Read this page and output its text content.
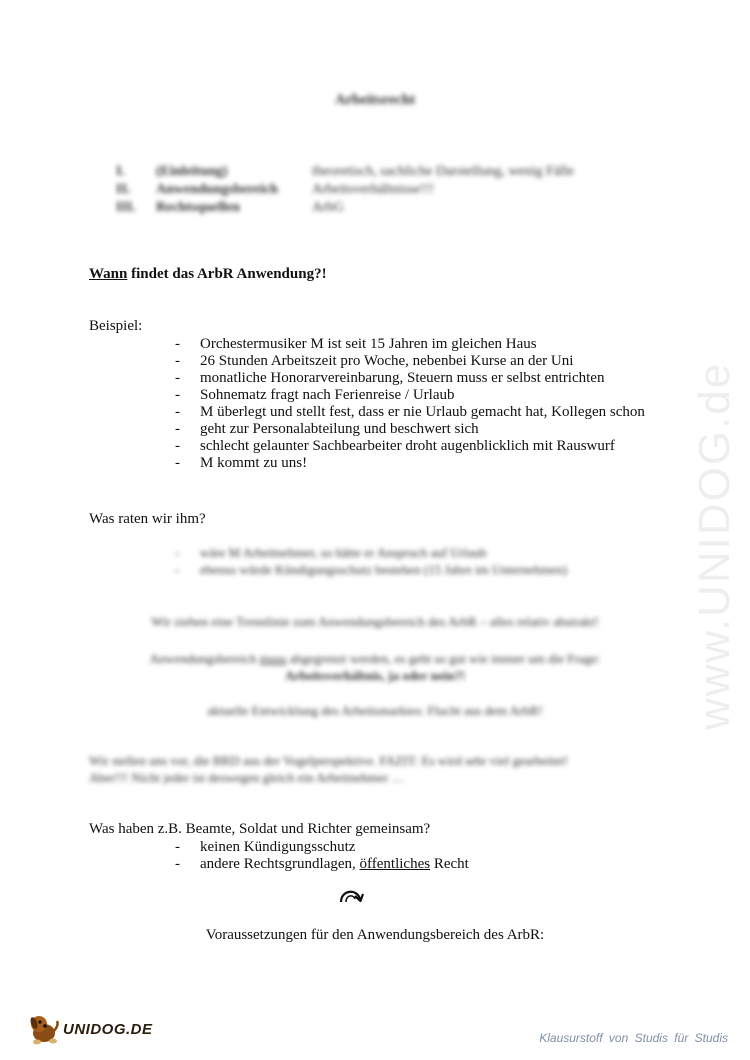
www.UNIDOG.de
Arbeitsrecht
I.	(Einleitung)	theoretisch, sachliche Darstellung, wenig Fälle
II.	Anwendungsbereich	Arbeitsverhältnisse!!!
III.	Rechtsquellen	ArbG
Wann findet das ArbR Anwendung?!
Beispiel:
-	Orchestermusiker M ist seit 15 Jahren im gleichen Haus
-	26 Stunden Arbeitszeit pro Woche, nebenbei Kurse an der Uni
-	monatliche Honorarvereinbarung, Steuern muss er selbst entrichten
-	Sohnematz fragt nach Ferienreise / Urlaub
-	M überlegt und stellt fest, dass er nie Urlaub gemacht hat, Kollegen schon
-	geht zur Personalabteilung und beschwert sich
-	schlecht gelaunter Sachbearbeiter droht augenblicklich mit Rauswurf
-	M kommt zu uns!
Was raten wir ihm?
-	wäre M Arbeitnehmer, so hätte er Anspruch auf Urlaub
-	ebenso würde Kündigungsschutz bestehen (15 Jahre im Unternehmen)
Wir ziehen eine Trennlinie zum Anwendungsbereich des ArbR – alles relativ abstrakt!
Anwendungsbereich muss abgegrenzt werden, es geht so gut wie immer um die Frage:
Arbeitsverhältnis, ja oder nein?!
aktuelle Entwicklung des Arbeitsmarktes: Flucht aus dem ArbR!
Wir stellen uns vor, die BRD aus der Vogelperspektive. FAZIT: Es wird sehr viel gearbeitet!
Aber!!! Nicht jeder ist deswegen gleich ein Arbeitnehmer …
Was haben z.B. Beamte, Soldat und Richter gemeinsam?
-	keinen Kündigungsschutz
-	andere Rechtsgrundlagen, öffentliches Recht
Voraussetzungen für den Anwendungsbereich des ArbR:
UNIDOG.DE
Klausurstoff von Studis für Studis
